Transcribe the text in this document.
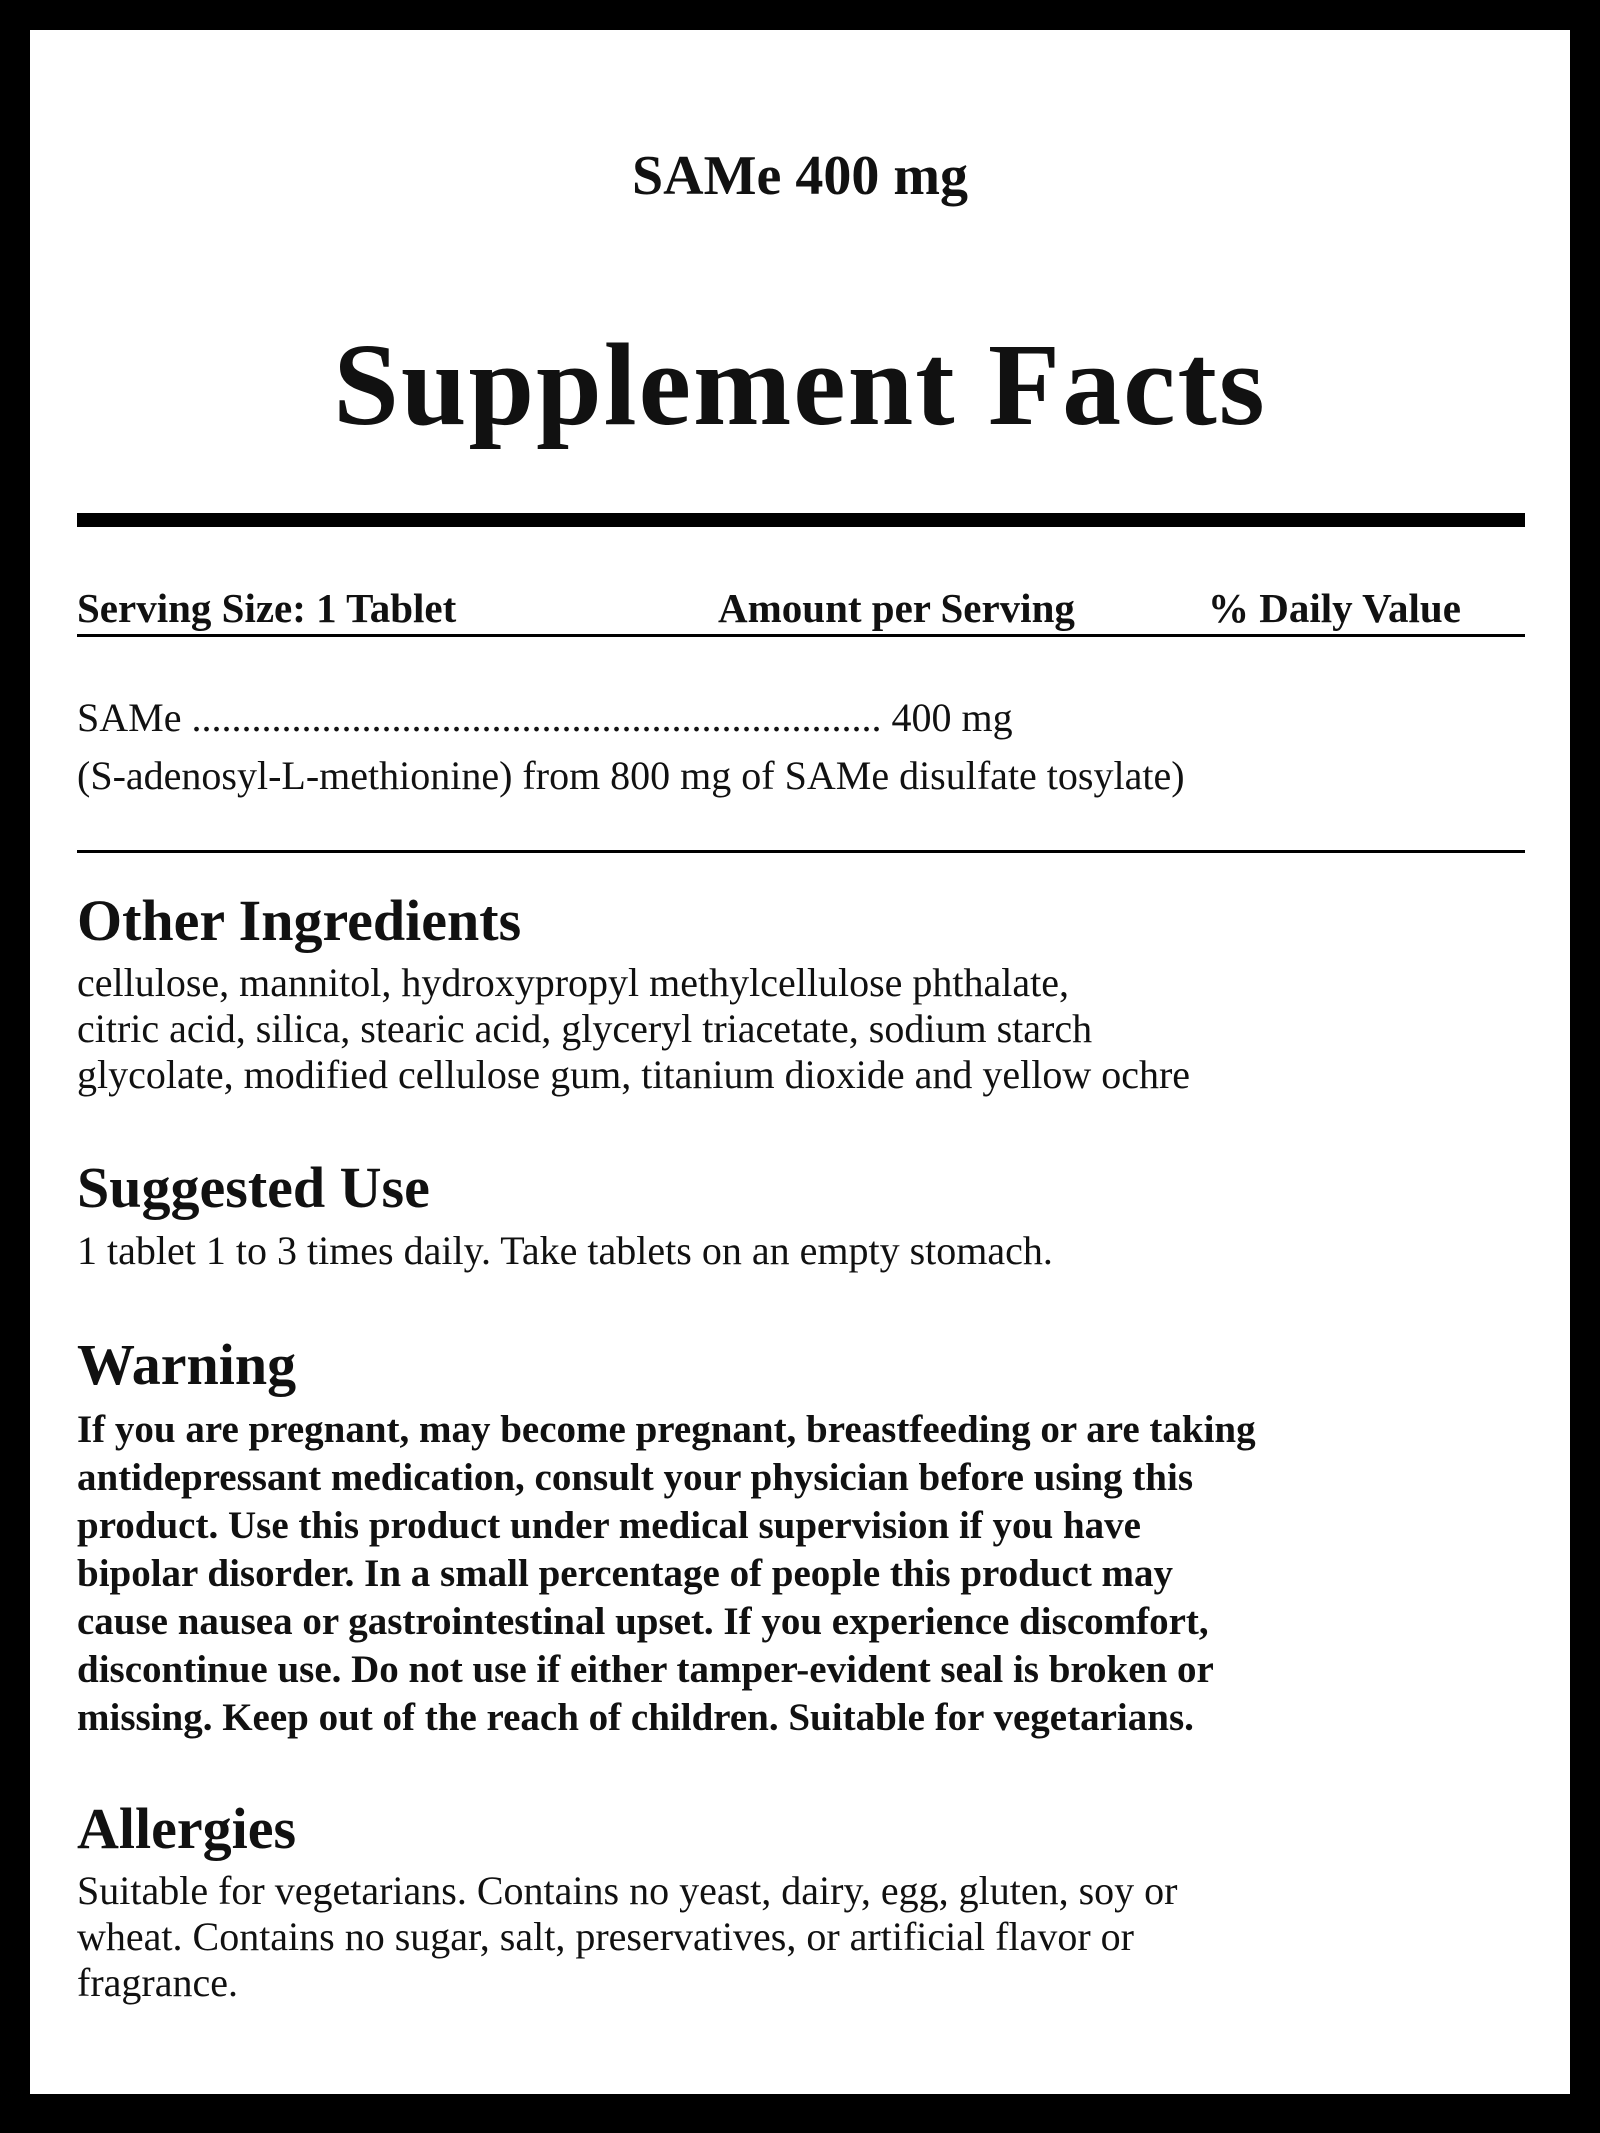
SAMe 400 mg
Supplement Facts
Serving Size: 1 Tablet	Amount per Serving	% Daily Value
SAMe ..................................................................... 400 mg
(S-adenosyl-L-methionine) from 800 mg of SAMe disulfate tosylate)
Other Ingredients
cellulose, mannitol, hydroxypropyl methylcellulose phthalate,
citric acid, silica, stearic acid, glyceryl triacetate, sodium starch
glycolate, modified cellulose gum, titanium dioxide and yellow ochre
Suggested Use
1 tablet 1 to 3 times daily. Take tablets on an empty stomach.
Warning
If you are pregnant, may become pregnant, breastfeeding or are taking
antidepressant medication, consult your physician before using this
product. Use this product under medical supervision if you have
bipolar disorder. In a small percentage of people this product may
cause nausea or gastrointestinal upset. If you experience discomfort,
discontinue use. Do not use if either tamper-evident seal is broken or
missing. Keep out of the reach of children. Suitable for vegetarians.
Allergies
Suitable for vegetarians. Contains no yeast, dairy, egg, gluten, soy or
wheat. Contains no sugar, salt, preservatives, or artificial flavor or
fragrance.
